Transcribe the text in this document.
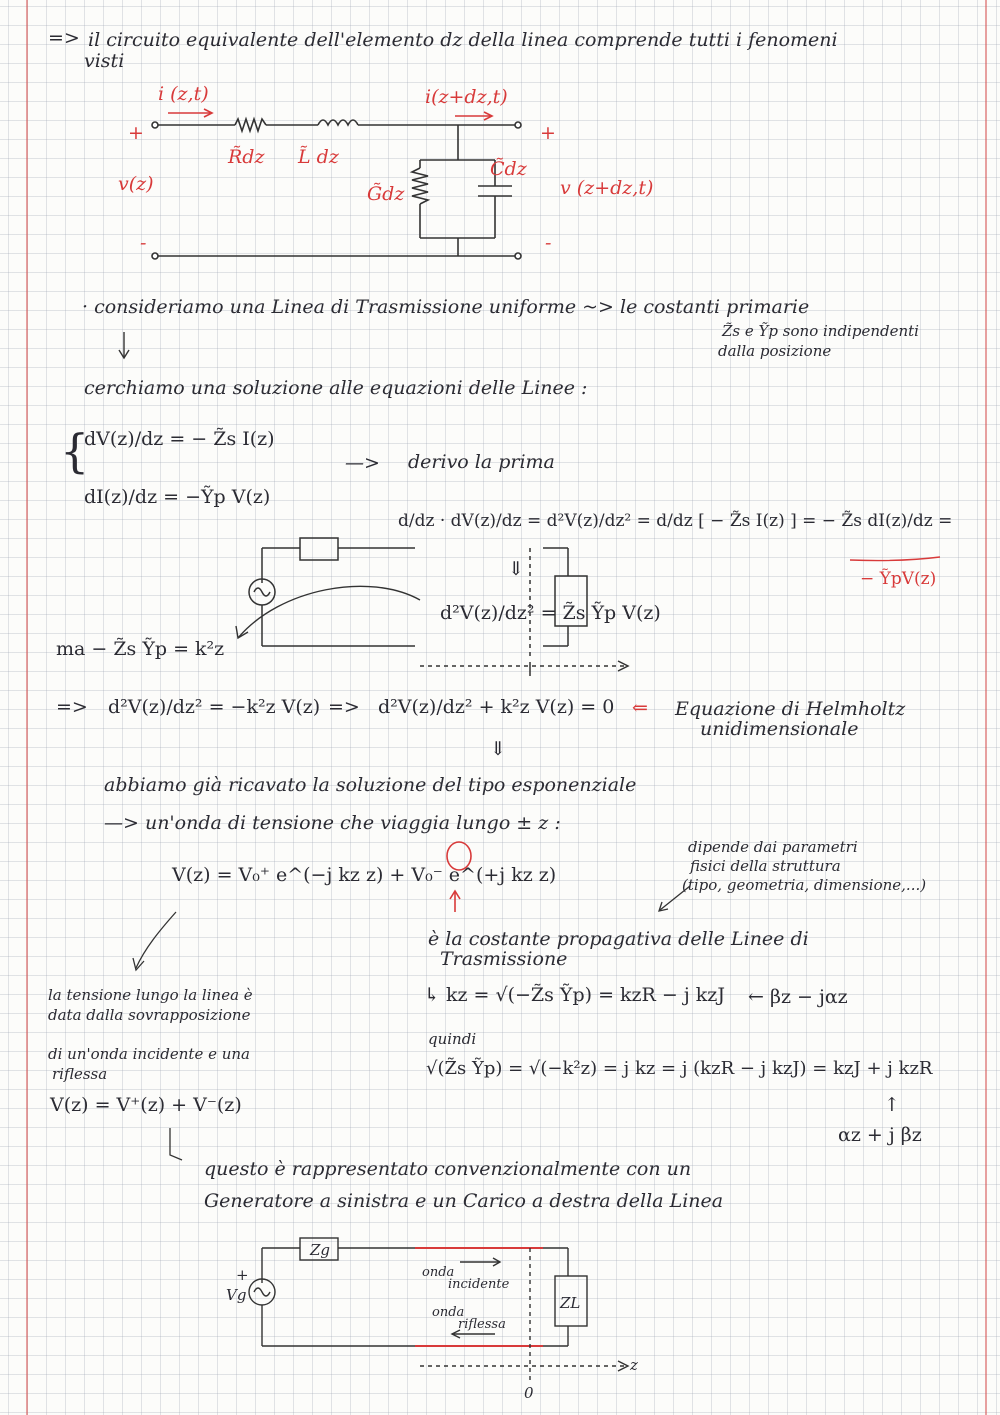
=> il circuito equivalente dell'elemento dz della linea comprende tutti i fenomeni
visti
i (z,t)	i(z+dz,t)
+	+
R̃dz L̃ dz
G̃dz
C̃dz
v(z)	v (z+dz,t)
-	-
· consideriamo una Linea di Trasmissione uniforme ~> le costanti primarie
Z̃s e Ỹp sono indipendenti
dalla posizione
cerchiamo una soluzione alle equazioni delle Linee :
{
dV(z)/dz = − Z̃s I(z)
dI(z)/dz = −Ỹp V(z)
—> derivo la prima
d/dz · dV(z)/dz = d²V(z)/dz² = d/dz [ − Z̃s I(z) ] = − Z̃s dI(z)/dz =
− ỸpV(z)
⇓
d²V(z)/dz² = Z̃s Ỹp V(z)
ma − Z̃s Ỹp = k²z
=> d²V(z)/dz² = −k²z V(z) => d²V(z)/dz² + k²z V(z) = 0 ⇐ Equazione di Helmholtz
unidimensionale
⇓
abbiamo già ricavato la soluzione del tipo esponenziale
—> un'onda di tensione che viaggia lungo ± z :
dipende dai parametri
fisici della struttura
(tipo, geometria, dimensione,...)
V(z) = V₀⁺ e^(−j kz z) + V₀⁻ e^(+j kz z)
è la costante propagativa delle Linee di
Trasmissione
↳ kz = √(−Z̃s Ỹp) = kzR − j kzJ ← βz − jαz
quindi
√(Z̃s Ỹp) = √(−k²z) = j kz = j (kzR − j kzJ) = kzJ + j kzR
↑
αz + j βz
la tensione lungo la linea è
data dalla sovrapposizione
di un'onda incidente e una
riflessa
V(z) = V⁺(z) + V⁻(z)
questo è rappresentato convenzionalmente con un
Generatore a sinistra e un Carico a destra della Linea
Zg
+
Vg
onda
incidente
onda
riflessa
ZL
z
0
